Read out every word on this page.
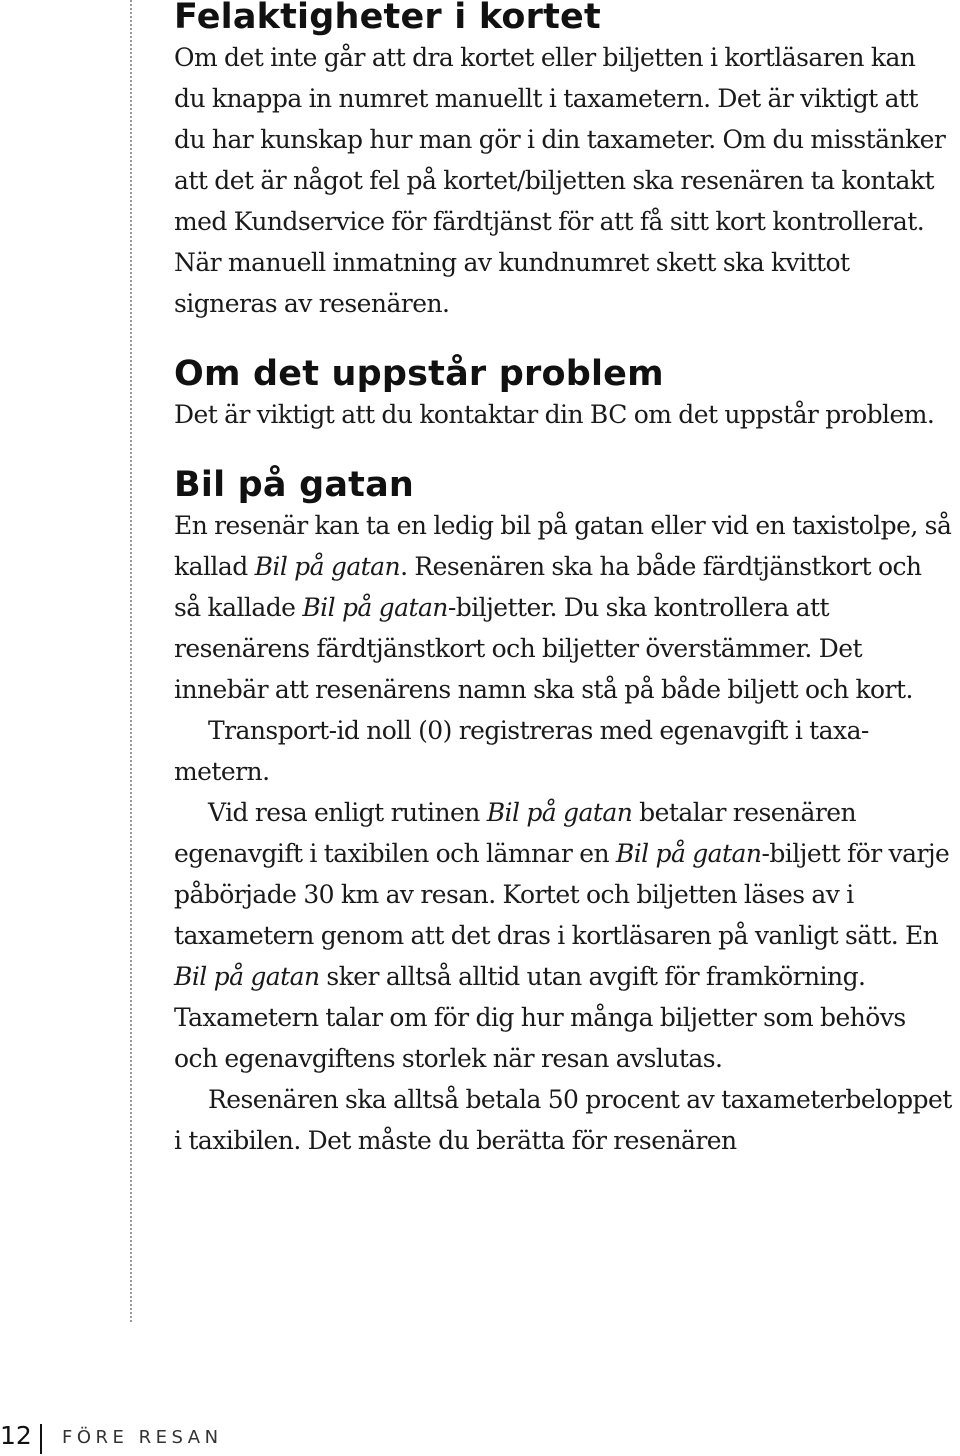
Felaktigheter i kortet

Om det inte går att dra kortet eller biljetten i kortläsaren kan du knappa in numret manuellt i taxametern. Det är viktigt att du har kunskap hur man gör i din taxameter. Om du misstänker att det är något fel på kortet/biljetten ska resenären ta kontakt med Kundservice för färdtjänst för att få sitt kort kontrollerat. När manuell inmatning av kundnumret skett ska kvittot signeras av resenären.

Om det uppstår problem

Det är viktigt att du kontaktar din BC om det uppstår problem.

Bil på gatan

En resenär kan ta en ledig bil på gatan eller vid en taxistolpe, så kallad Bil på gatan. Resenären ska ha både färdtjänstkort och så kallade Bil på gatan-biljetter. Du ska kontrollera att resenärens färdtjänstkort och biljetter överstämmer. Det innebär att resenärens namn ska stå på både biljett och kort.

Transport-id noll (0) registreras med egenavgift i taxametern.

Vid resa enligt rutinen Bil på gatan betalar resenären egenavgift i taxibilen och lämnar en Bil på gatan-biljett för varje påbörjade 30 km av resan. Kortet och biljetten läses av i taxametern genom att det dras i kortläsaren på vanligt sätt. En Bil på gatan sker alltså alltid utan avgift för framkörning. Taxametern talar om för dig hur många biljetter som behövs och egenavgiftens storlek när resan avslutas.

Resenären ska alltså betala 50 procent av taxameterbeloppet i taxibilen. Det måste du berätta för resenären

12 FÖRE RESAN
